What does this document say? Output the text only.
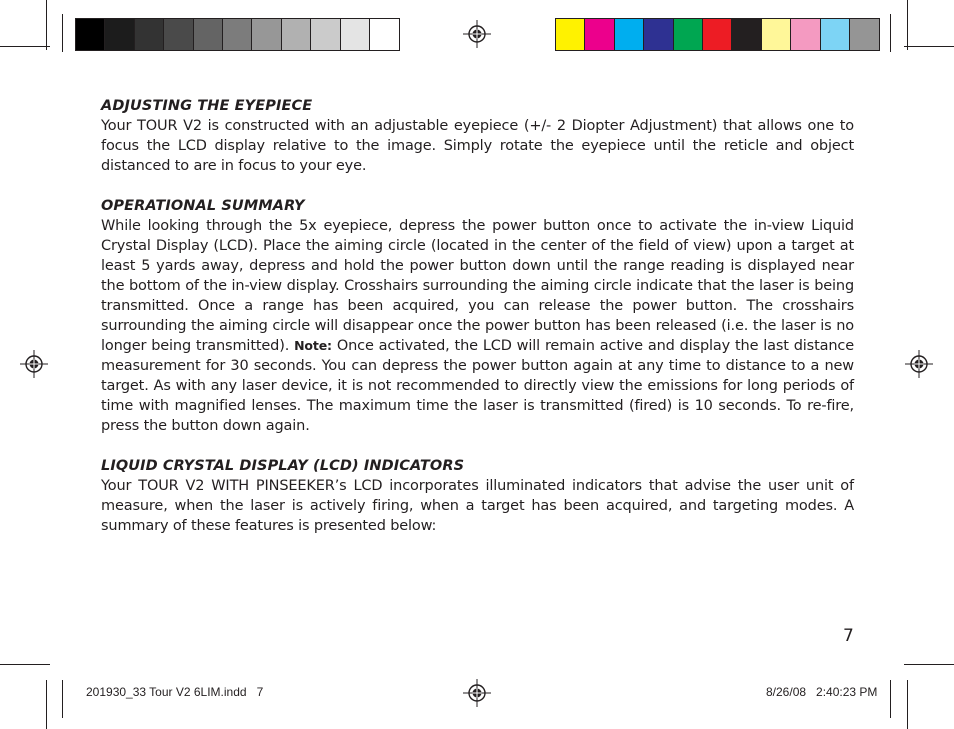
ADJUSTING THE EYEPIECE

Your TOUR V2 is constructed with an adjustable eyepiece (+/- 2 Diopter Adjustment) that allows one to focus the LCD display relative to the image. Simply rotate the eyepiece until the reticle and object distanced to are in focus to your eye.

OPERATIONAL SUMMARY

While looking through the 5x eyepiece, depress the power button once to activate the in-view Liquid Crystal Display (LCD). Place the aiming circle (located in the center of the field of view) upon a target at least 5 yards away, depress and hold the power button down until the range reading is displayed near the bottom of the in-view display. Crosshairs surrounding the aiming circle indicate that the laser is being transmitted. Once a range has been acquired, you can release the power button. The crosshairs surrounding the aiming circle will disappear once the power button has been released (i.e. the laser is no longer being transmitted). Note: Once activated, the LCD will remain active and display the last distance measurement for 30 seconds. You can depress the power button again at any time to distance to a new target. As with any laser device, it is not recommended to directly view the emissions for long periods of time with magnified lenses. The maximum time the laser is transmitted (fired) is 10 seconds. To re-fire, press the button down again.

LIQUID CRYSTAL DISPLAY (LCD) INDICATORS

Your TOUR V2 WITH PINSEEKER’s LCD incorporates illuminated indicators that advise the user unit of measure, when the laser is actively firing, when a target has been acquired, and targeting modes. A summary of these features is presented below:

7
201930_33 Tour V2 6LIM.indd   7	8/26/08   2:40:23 PM
